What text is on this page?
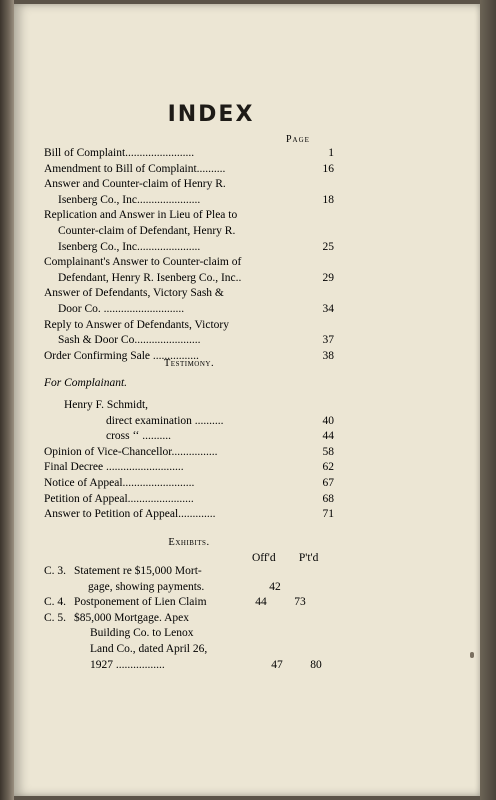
INDEX
Page
Bill of Complaint........................	1
Amendment to Bill of Complaint..........	16
Answer and Counter-claim of Henry R.
Isenberg Co., Inc......................	18
Replication and Answer in Lieu of Plea to
Counter-claim of Defendant, Henry R.
Isenberg Co., Inc......................	25
Complainant's Answer to Counter-claim of
Defendant, Henry R. Isenberg Co., Inc..	29
Answer of Defendants, Victory Sash &
Door Co. ............................	34
Reply to Answer of Defendants, Victory
Sash & Door Co.......................	37
Order Confirming Sale ................	38
Testimony.
For Complainant.
Henry F. Schmidt,
direct examination ..........	40
cross ‘‘ ..........	44
Opinion of Vice-Chancellor................	58
Final Decree ...........................	62
Notice of Appeal.........................	67
Petition of Appeal.......................	68
Answer to Petition of Appeal.............	71
Exhibits.
Off'd P't'd
C. 3. Statement re $15,000 Mort-
gage, showing payments.	42
C. 4. Postponement of Lien Claim	44	73
C. 5. $85,000 Mortgage. Apex
Building Co. to Lenox
Land Co., dated April 26,
1927 .................	47	80
